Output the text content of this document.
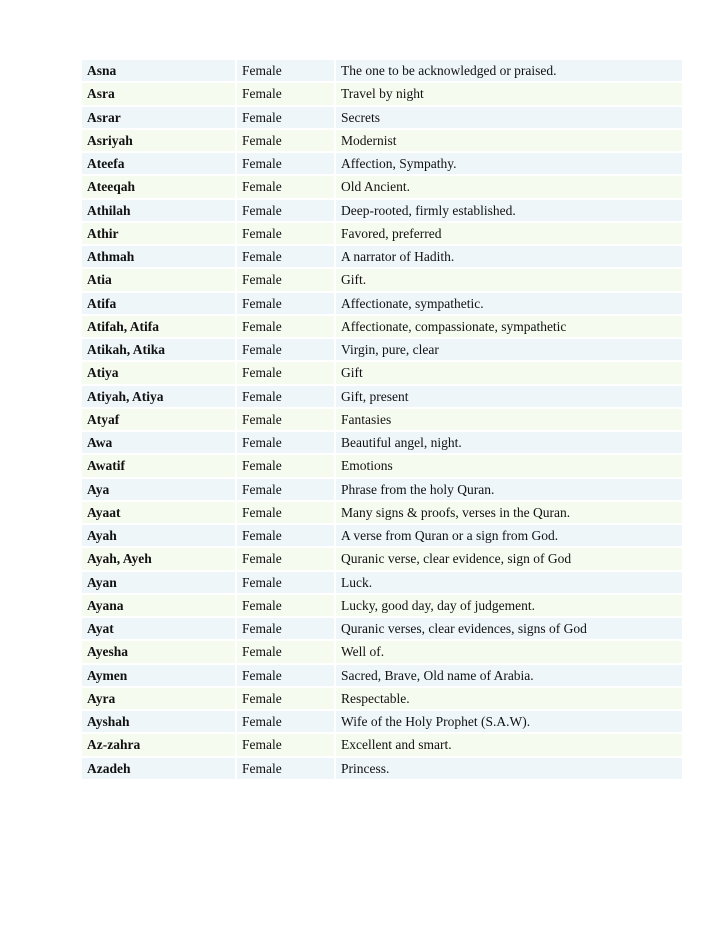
Asna	Female	The one to be acknowledged or praised.
Asra	Female	Travel by night
Asrar	Female	Secrets
Asriyah	Female	Modernist
Ateefa	Female	Affection, Sympathy.
Ateeqah	Female	Old Ancient.
Athilah	Female	Deep-rooted, firmly established.
Athir	Female	Favored, preferred
Athmah	Female	A narrator of Hadith.
Atia	Female	Gift.
Atifa	Female	Affectionate, sympathetic.
Atifah, Atifa	Female	Affectionate, compassionate, sympathetic
Atikah, Atika	Female	Virgin, pure, clear
Atiya	Female	Gift
Atiyah, Atiya	Female	Gift, present
Atyaf	Female	Fantasies
Awa	Female	Beautiful angel, night.
Awatif	Female	Emotions
Aya	Female	Phrase from the holy Quran.
Ayaat	Female	Many signs & proofs, verses in the Quran.
Ayah	Female	A verse from Quran or a sign from God.
Ayah, Ayeh	Female	Quranic verse, clear evidence, sign of God
Ayan	Female	Luck.
Ayana	Female	Lucky, good day, day of judgement.
Ayat	Female	Quranic verses, clear evidences, signs of God
Ayesha	Female	Well of.
Aymen	Female	Sacred, Brave, Old name of Arabia.
Ayra	Female	Respectable.
Ayshah	Female	Wife of the Holy Prophet (S.A.W).
Az-zahra	Female	Excellent and smart.
Azadeh	Female	Princess.
